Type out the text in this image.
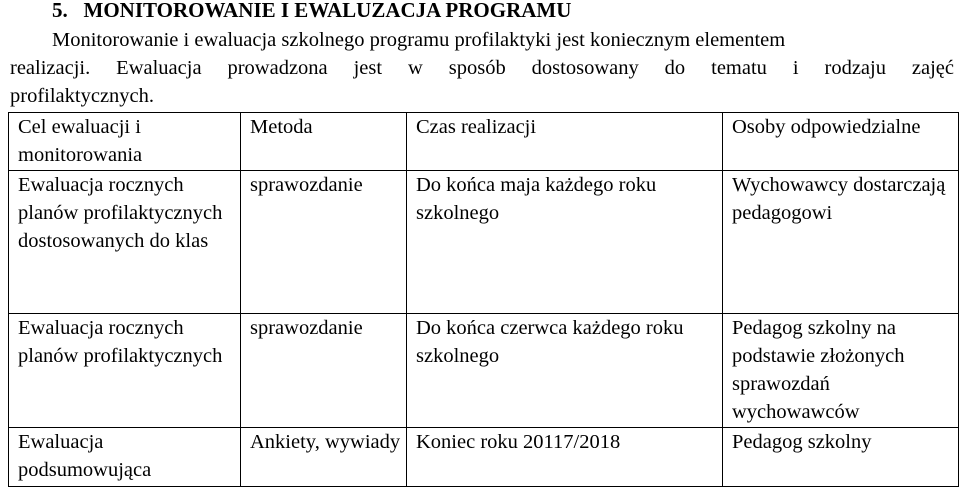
5. MONITOROWANIE I EWALUZACJA PROGRAMU
Monitorowanie i ewaluacja szkolnego programu profilaktyki jest koniecznym elementem
realizacji. Ewaluacja prowadzona jest w sposób dostosowany do tematu i rodzaju zajęć
profilaktycznych.
Cel ewaluacji i monitorowania	Metoda	Czas realizacji	Osoby odpowiedzialne
Ewaluacja rocznych planów profilaktycznych dostosowanych do klas	sprawozdanie	Do końca maja każdego roku szkolnego	Wychowawcy dostarczają pedagogowi
Ewaluacja rocznych planów profilaktycznych	sprawozdanie	Do końca czerwca każdego roku szkolnego	Pedagog szkolny na podstawie złożonych sprawozdań wychowawców
Ewaluacja podsumowująca	Ankiety, wywiady	Koniec roku 20117/2018	Pedagog szkolny
